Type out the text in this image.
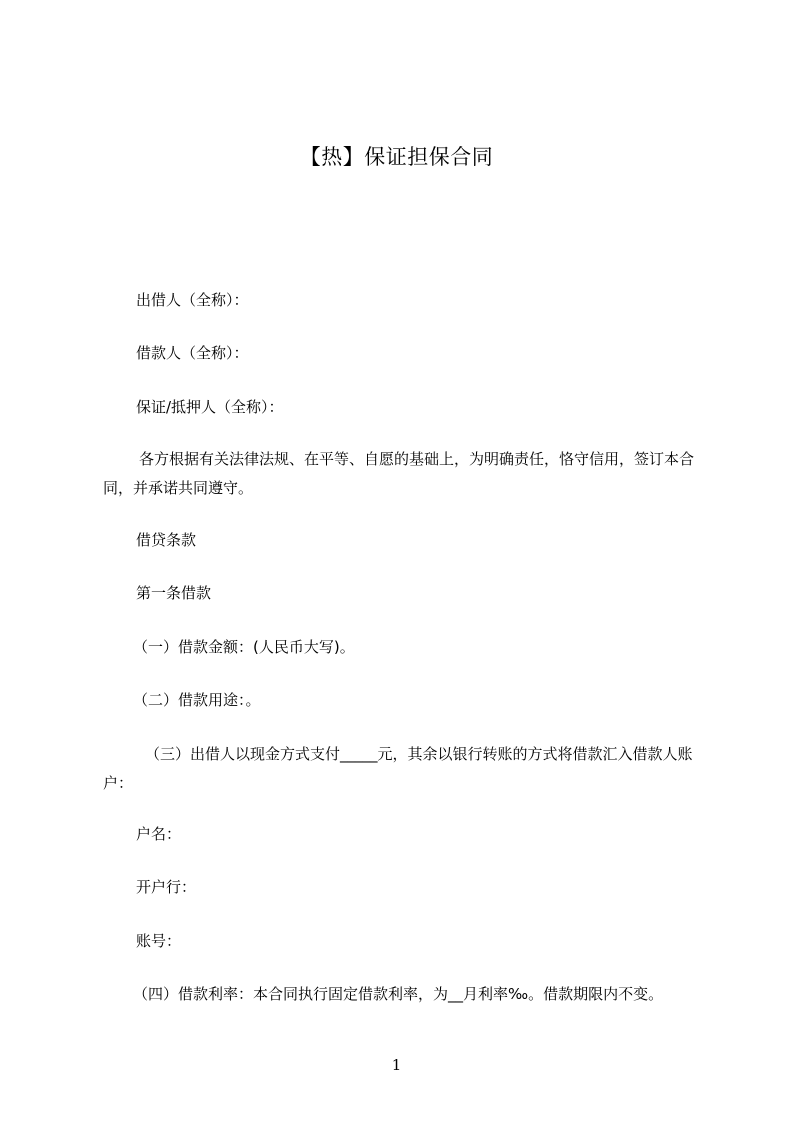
【热】保证担保合同
出借人（全称）：
借款人（全称）：
保证/抵押人（全称）：
各方根据有关法律法规、在平等、自愿的基础上，为明确责任，恪守信用，签订本合同，并承诺共同遵守。
借贷条款
第一条借款
（一）借款金额：(人民币大写)。
（二）借款用途：。
（三）出借人以现金方式支付_____元，其余以银行转账的方式将借款汇入借款人账户：
户名：
开户行：
账号：
（四）借款利率：本合同执行固定借款利率，为__月利率‰。借款期限内不变。
1
